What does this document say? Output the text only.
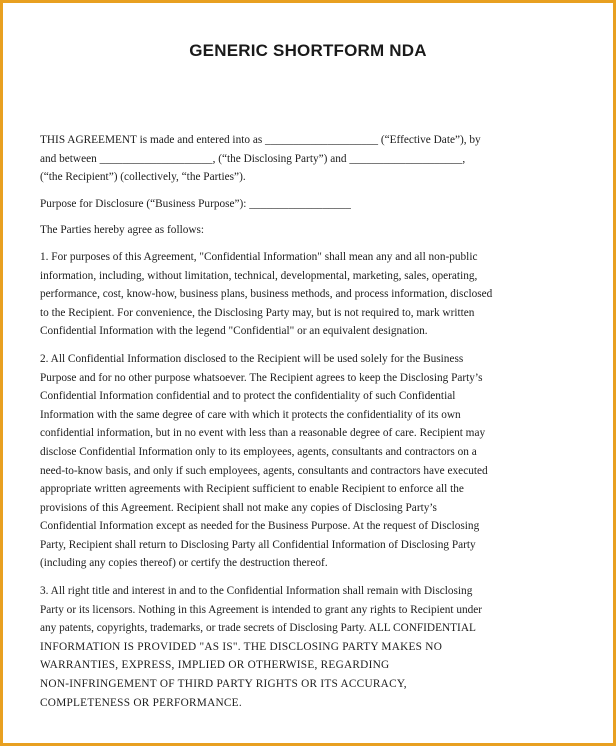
GENERIC SHORTFORM NDA

THIS AGREEMENT is made and entered into as ____________________ (“Effective Date”), by

and between ____________________, (“the Disclosing Party”) and ____________________,

(“the Recipient”) (collectively, “the Parties”).

Purpose for Disclosure (“Business Purpose”): __________________

The Parties hereby agree as follows:

1. For purposes of this Agreement, "Confidential Information" shall mean any and all non-public

information, including, without limitation, technical, developmental, marketing, sales, operating,

performance, cost, know-how, business plans, business methods, and process information, disclosed

to the Recipient. For convenience, the Disclosing Party may, but is not required to, mark written

Confidential Information with the legend "Confidential" or an equivalent designation.

2. All Confidential Information disclosed to the Recipient will be used solely for the Business

Purpose and for no other purpose whatsoever. The Recipient agrees to keep the Disclosing Party’s

Confidential Information confidential and to protect the confidentiality of such Confidential

Information with the same degree of care with which it protects the confidentiality of its own

confidential information, but in no event with less than a reasonable degree of care. Recipient may

disclose Confidential Information only to its employees, agents, consultants and contractors on a

need-to-know basis, and only if such employees, agents, consultants and contractors have executed

appropriate written agreements with Recipient sufficient to enable Recipient to enforce all the

provisions of this Agreement. Recipient shall not make any copies of Disclosing Party’s

Confidential Information except as needed for the Business Purpose. At the request of Disclosing

Party, Recipient shall return to Disclosing Party all Confidential Information of Disclosing Party

(including any copies thereof) or certify the destruction thereof.

3. All right title and interest in and to the Confidential Information shall remain with Disclosing

Party or its licensors. Nothing in this Agreement is intended to grant any rights to Recipient under

any patents, copyrights, trademarks, or trade secrets of Disclosing Party. ALL CONFIDENTIAL

INFORMATION IS PROVIDED "AS IS". THE DISCLOSING PARTY MAKES NO

WARRANTIES, EXPRESS, IMPLIED OR OTHERWISE, REGARDING

NON-INFRINGEMENT OF THIRD PARTY RIGHTS OR ITS ACCURACY,

COMPLETENESS OR PERFORMANCE.
